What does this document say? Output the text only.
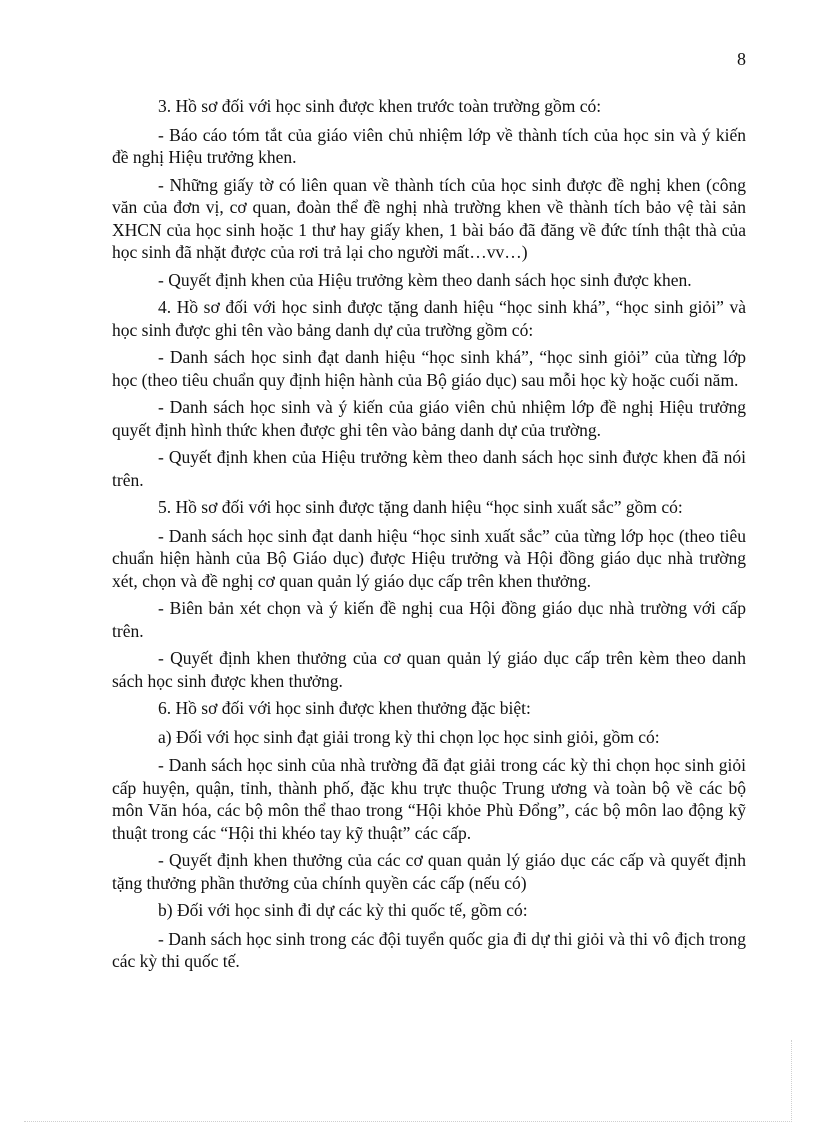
8

3. Hồ sơ đối với học sinh được khen trước toàn trường gồm có:

- Báo cáo tóm tắt của giáo viên chủ nhiệm lớp về thành tích của học sin và ý kiến đề nghị Hiệu trưởng khen.

- Những giấy tờ có liên quan về thành tích của học sinh được đề nghị khen (công văn của đơn vị, cơ quan, đoàn thể đề nghị nhà trường khen về thành tích bảo vệ tài sản XHCN của học sinh hoặc 1 thư hay giấy khen, 1 bài báo đã đăng về đức tính thật thà của học sinh đã nhặt được của rơi trả lại cho người mất…vv…)

- Quyết định khen của Hiệu trưởng kèm theo danh sách học sinh được khen.

4. Hồ sơ đối với học sinh được tặng danh hiệu “học sinh khá”, “học sinh giỏi” và học sinh được ghi tên vào bảng danh dự của trường gồm có:

- Danh sách học sinh đạt danh hiệu “học sinh khá”, “học sinh giỏi” của từng lớp học (theo tiêu chuẩn quy định hiện hành của Bộ giáo dục) sau mỗi học kỳ hoặc cuối năm.

- Danh sách học sinh và ý kiến của giáo viên chủ nhiệm lớp đề nghị Hiệu trưởng quyết định hình thức khen được ghi tên vào bảng danh dự của trường.

- Quyết định khen của Hiệu trưởng kèm theo danh sách học sinh được khen đã nói trên.

5. Hồ sơ đối với học sinh được tặng danh hiệu “học sinh xuất sắc” gồm có:

- Danh sách học sinh đạt danh hiệu “học sinh xuất sắc” của từng lớp học (theo tiêu chuẩn hiện hành của Bộ Giáo dục) được Hiệu trưởng và Hội đồng giáo dục nhà trường xét, chọn và đề nghị cơ quan quản lý giáo dục cấp trên khen thưởng.

- Biên bản xét chọn và ý kiến đề nghị cua Hội đồng giáo dục nhà trường với cấp trên.

- Quyết định khen thưởng của cơ quan quản lý giáo dục cấp trên kèm theo danh sách học sinh được khen thưởng.

6. Hồ sơ đối với học sinh được khen thưởng đặc biệt:

a) Đối với học sinh đạt giải trong kỳ thi chọn lọc học sinh giỏi, gồm có:

- Danh sách học sinh của nhà trường đã đạt giải trong các kỳ thi chọn học sinh giỏi cấp huyện, quận, tỉnh, thành phố, đặc khu trực thuộc Trung ương và toàn bộ về các bộ môn Văn hóa, các bộ môn thể thao trong “Hội khỏe Phù Đổng”, các bộ môn lao động kỹ thuật trong các “Hội thi khéo tay kỹ thuật” các cấp.

- Quyết định khen thưởng của các cơ quan quản lý giáo dục các cấp và quyết định tặng thưởng phần thưởng của chính quyền các cấp (nếu có)

b) Đối với học sinh đi dự các kỳ thi quốc tế, gồm có:

- Danh sách học sinh trong các đội tuyển quốc gia đi dự thi giỏi và thi vô địch trong các kỳ thi quốc tế.
